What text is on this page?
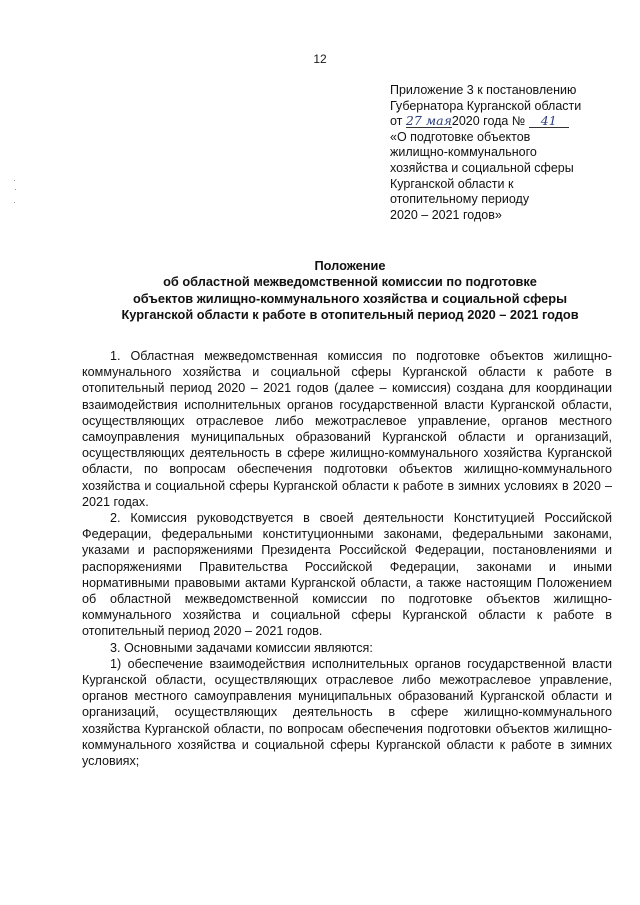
12
Приложение 3 к постановлению
Губернатора Курганской области
от 27 мая2020 года № 41
«О подготовке объектов
жилищно-коммунального
хозяйства и социальной сферы
Курганской области к
отопительному периоду
2020 – 2021 годов»
Положение
об областной межведомственной комиссии по подготовке
объектов жилищно-коммунального хозяйства и социальной сферы
Курганской области к работе в отопительный период 2020 – 2021 годов

1. Областная межведомственная комиссия по подготовке объектов жилищно-коммунального хозяйства и социальной сферы Курганской области к работе в отопительный период 2020 – 2021 годов (далее – комиссия) создана для координации взаимодействия исполнительных органов государственной власти Курганской области, осуществляющих отраслевое либо межотраслевое управление, органов местного самоуправления муниципальных образований Курганской области и организаций, осуществляющих деятельность в сфере жилищно-коммунального хозяйства Курганской области, по вопросам обеспечения подготовки объектов жилищно-коммунального хозяйства и социальной сферы Курганской области к работе в зимних условиях в 2020 – 2021 годах.

2. Комиссия руководствуется в своей деятельности Конституцией Российской Федерации, федеральными конституционными законами, федеральными законами, указами и распоряжениями Президента Российской Федерации, постановлениями и распоряжениями Правительства Российской Федерации, законами и иными нормативными правовыми актами Курганской области, а также настоящим Положением об областной межведомственной комиссии по подготовке объектов жилищно-коммунального хозяйства и социальной сферы Курганской области к работе в отопительный период 2020 – 2021 годов.

3. Основными задачами комиссии являются:

1) обеспечение взаимодействия исполнительных органов государственной власти Курганской области, осуществляющих отраслевое либо межотраслевое управление, органов местного самоуправления муниципальных образований Курганской области и организаций, осуществляющих деятельность в сфере жилищно-коммунального хозяйства Курганской области, по вопросам обеспечения подготовки объектов жилищно-коммунального хозяйства и социальной сферы Курганской области к работе в зимних условиях;
